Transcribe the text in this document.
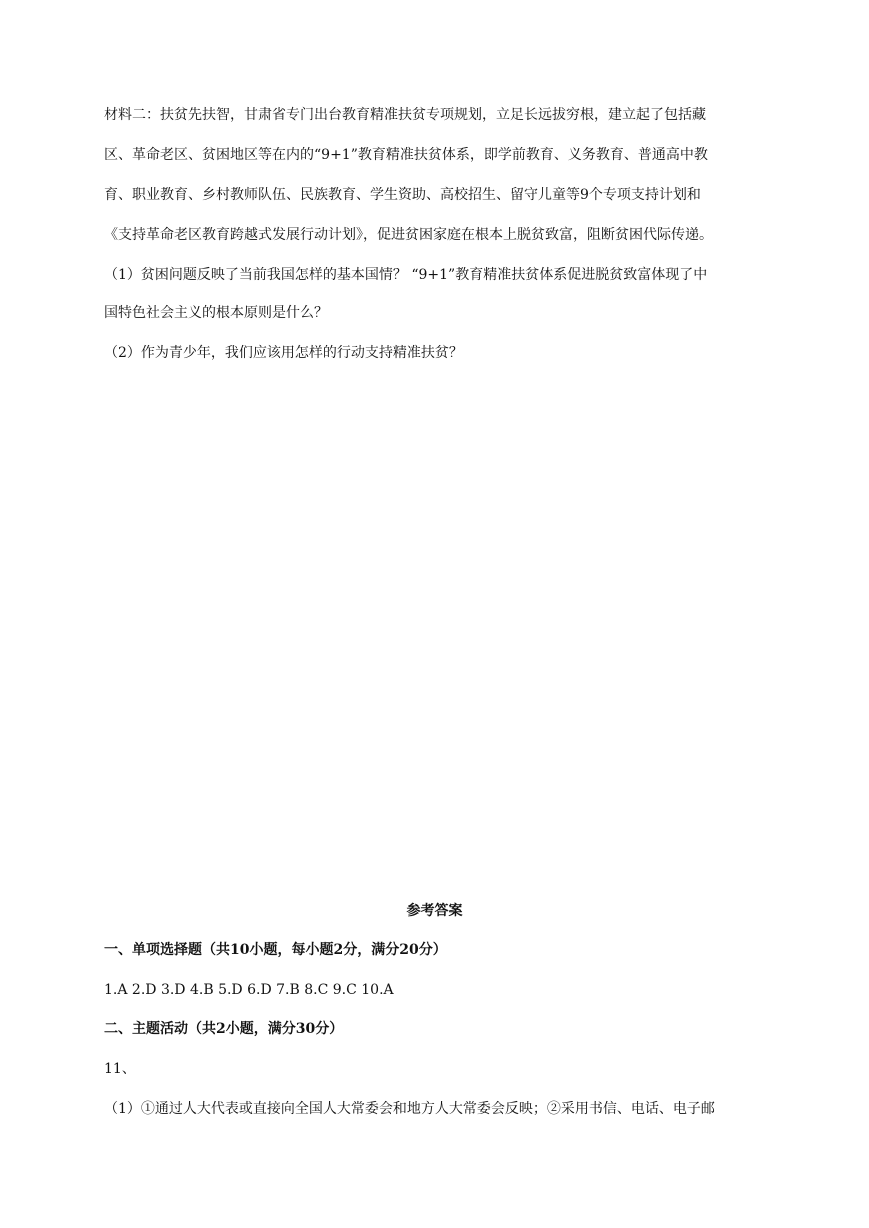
材料二：扶贫先扶智，甘肃省专门出台教育精准扶贫专项规划，立足长远拔穷根，建立起了包括藏
区、革命老区、贫困地区等在内的“9+1”教育精准扶贫体系，即学前教育、义务教育、普通高中教
育、职业教育、乡村教师队伍、民族教育、学生资助、高校招生、留守儿童等9个专项支持计划和
《支持革命老区教育跨越式发展行动计划》，促进贫困家庭在根本上脱贫致富，阻断贫困代际传递。
（1）贫困问题反映了当前我国怎样的基本国情？ “9+1”教育精准扶贫体系促进脱贫致富体现了中
国特色社会主义的根本原则是什么？
（2）作为青少年，我们应该用怎样的行动支持精准扶贫？
参考答案
一、单项选择题（共10小题，每小题2分，满分20分）
1.A 2.D 3.D 4.B 5.D 6.D 7.B 8.C 9.C 10.A
二、主题活动（共2小题，满分30分）
11、
（1）①通过人大代表或直接向全国人大常委会和地方人大常委会反映；②采用书信、电话、电子邮
